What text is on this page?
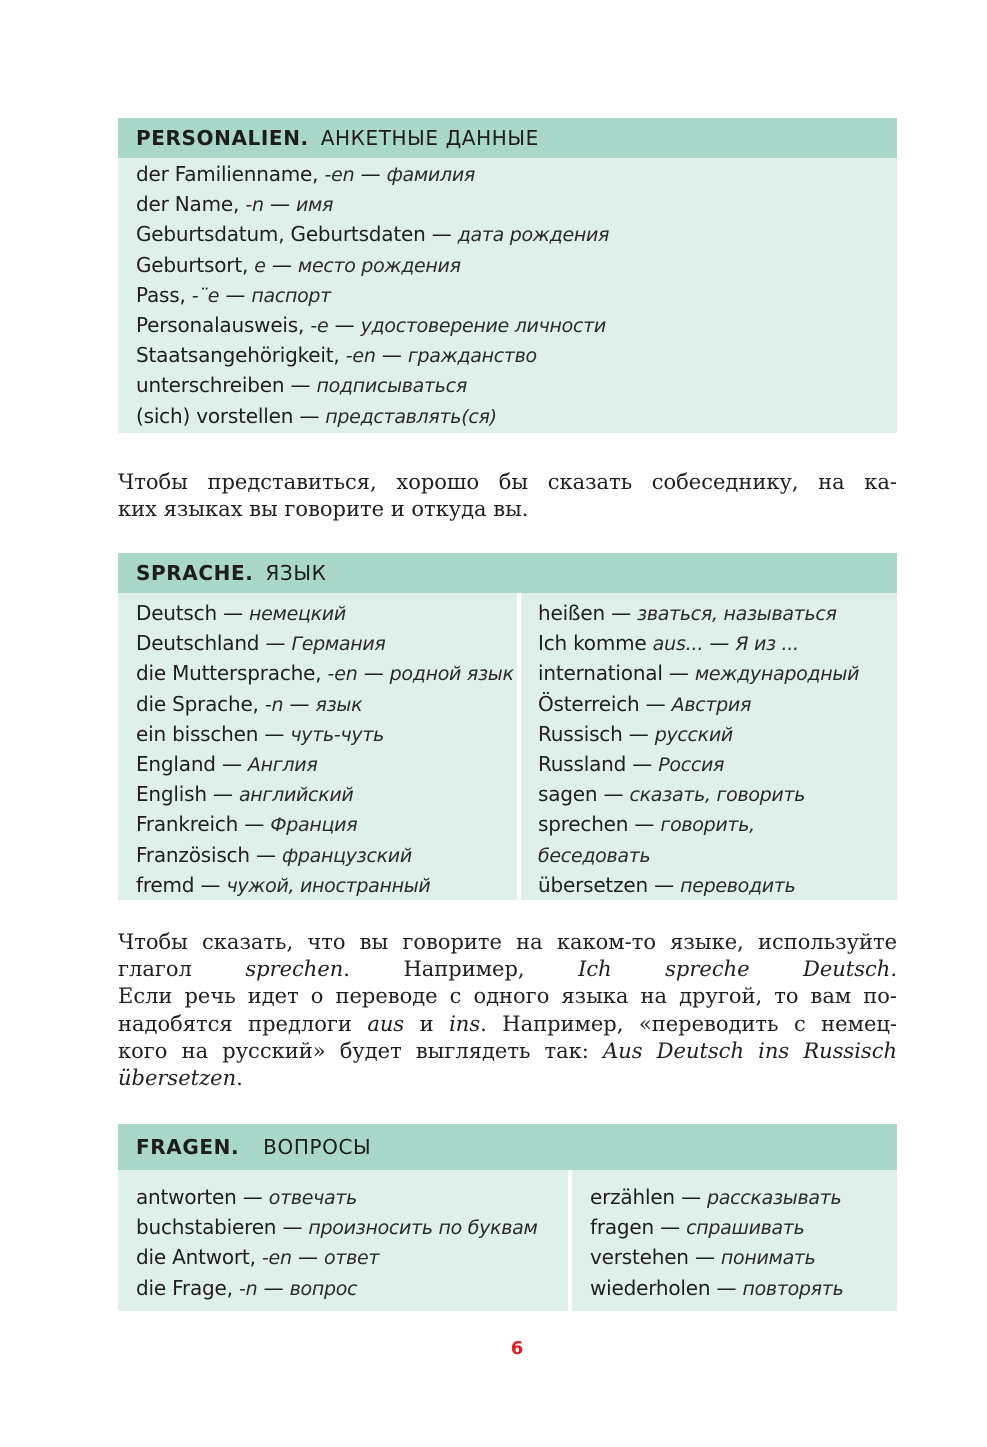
PERSONALIEN. АНКЕТНЫЕ ДАННЫЕ
der Familienname, -en — фамилия
der Name, -n — имя
Geburtsdatum, Geburtsdaten — дата рождения
Geburtsort, e — место рождения
Pass, -¨e — паспорт
Personalausweis, -e — удостоверение личности
Staatsangehörigkeit, -en — гражданство
unterschreiben — подписываться
(sich) vorstellen — представлять(ся)
Чтобы представиться, хорошо бы сказать собеседнику, на ка-
ких языках вы говорите и откуда вы.
SPRACHE. ЯЗЫК
Deutsch — немецкий
Deutschland — Германия
die Muttersprache, -en — родной язык
die Sprache, -n — язык
ein bisschen — чуть-чуть
England — Англия
English — английский
Frankreich — Франция
Französisch — французский
fremd — чужой, иностранный
heißen — зваться, называться
Ich komme aus... — Я из ...
international — международный
Österreich — Австрия
Russisch — русский
Russland — Россия
sagen — сказать, говорить
sprechen — говорить,
беседовать
übersetzen — переводить
Чтобы сказать, что вы говорите на каком-то языке, используйте
глагол sprechen. Например, Ich spreche Deutsch.
Если речь идет о переводе с одного языка на другой, то вам по-
надобятся предлоги aus и ins. Например, «переводить с немец-
кого на русский» будет выглядеть так: Aus Deutsch ins Russisch
übersetzen.
FRAGEN. ВОПРОСЫ
antworten — отвечать
buchstabieren — произносить по буквам
die Antwort, -en — ответ
die Frage, -n — вопрос
erzählen — рассказывать
fragen — спрашивать
verstehen — понимать
wiederholen — повторять
6
